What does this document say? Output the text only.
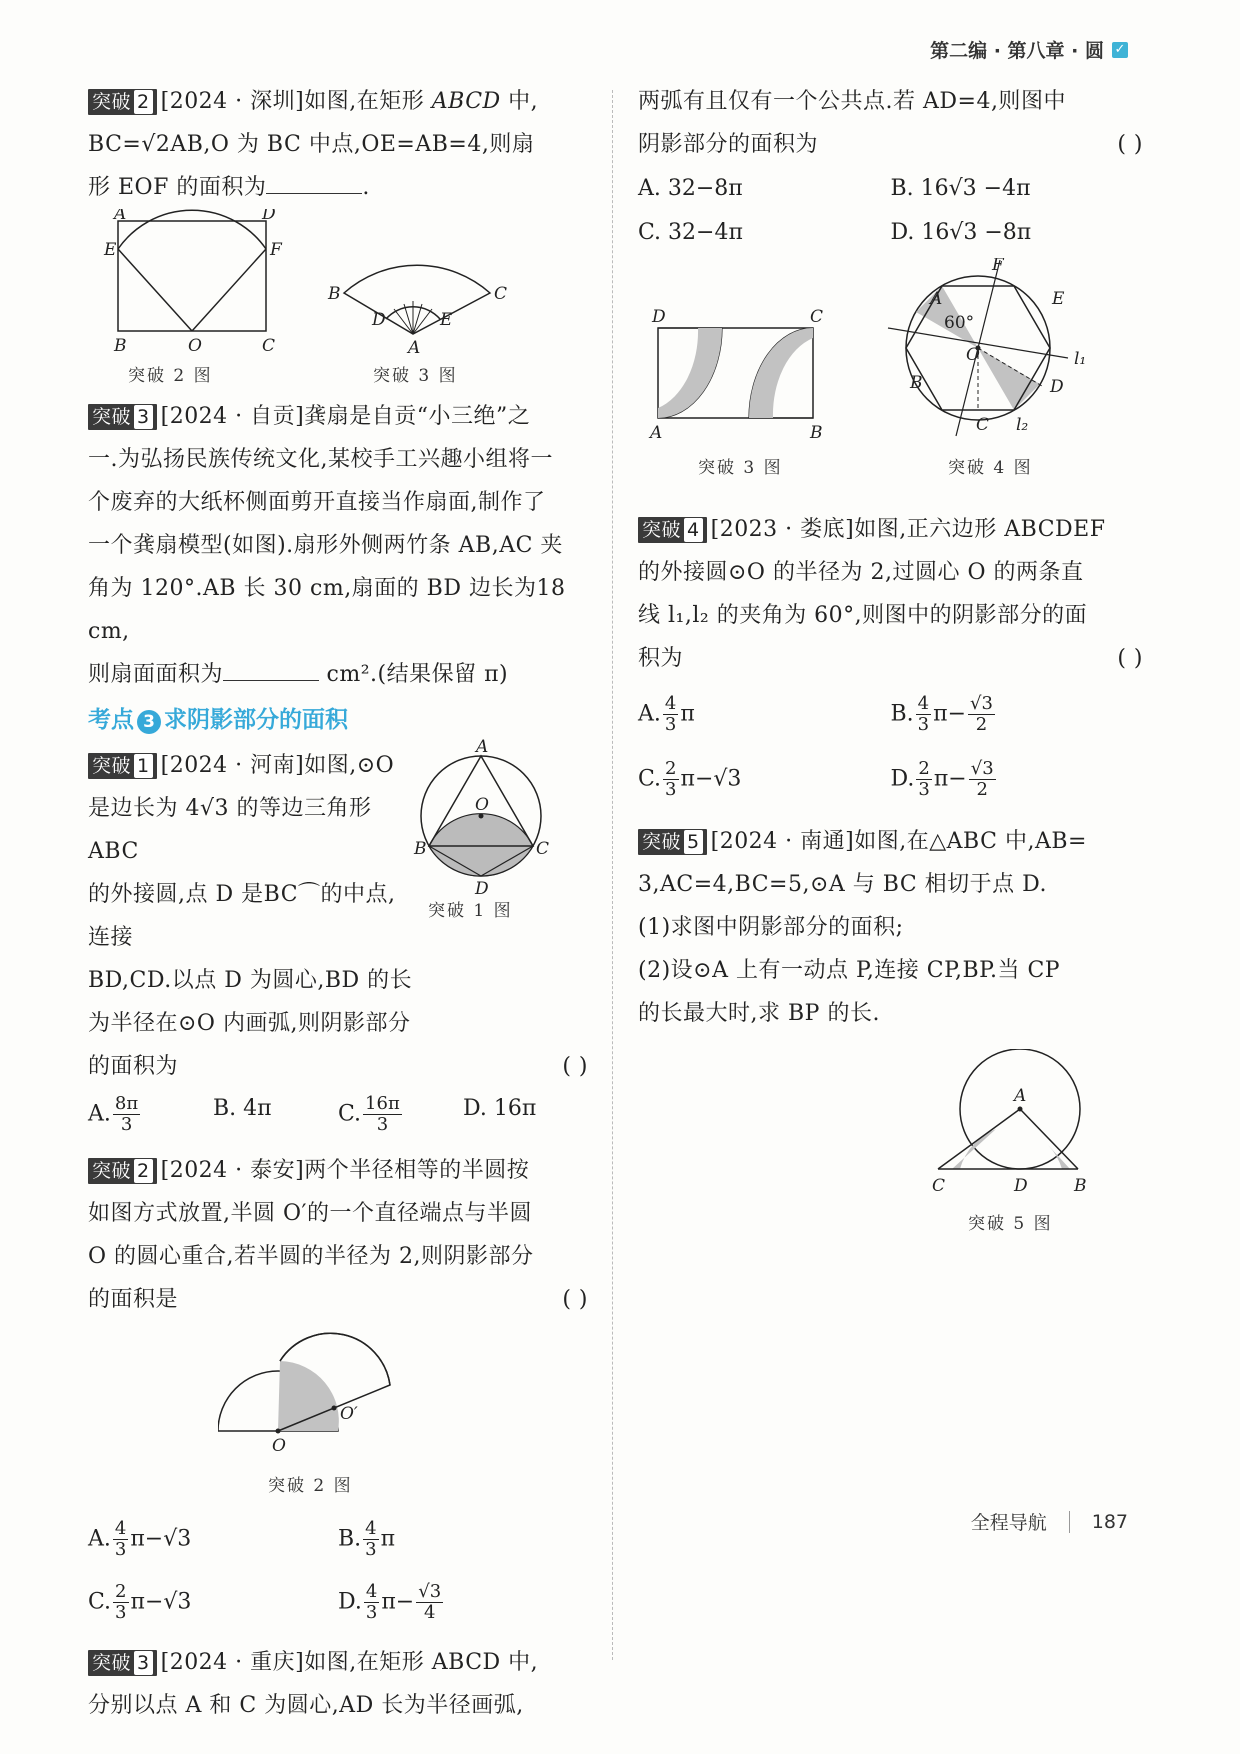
第二编 · 第八章 · 圆 ✓
突破 2 [2024 · 深圳]如图,在矩形 ABCD 中,
BC=√2AB,O 为 BC 中点,OE=AB=4,则扇
形 EOF 的面积为	.
A	D
E	F
B	O	C
B	C
D	E
A
突破 2 图	突破 3 图
突破 3 [2024 · 自贡]龚扇是自贡“小三绝”之
一.为弘扬民族传统文化,某校手工兴趣小组将一
个废弃的大纸杯侧面剪开直接当作扇面,制作了
一个龚扇模型(如图).扇形外侧两竹条 AB,AC 夹
角为 120°.AB 长 30 cm,扇面的 BD 边长为18 cm,
则扇面面积为	cm².(结果保留 π)
考点 3 求阴影部分的面积
突破 1 [2024 · 河南]如图,⊙O
是边长为 4√3 的等边三角形 ABC
的外接圆,点 D 是BC⌒的中点,连接
BD,CD.以点 D 为圆心,BD 的长
为半径在⊙O 内画弧,则阴影部分
的面积为	( )
A
O
B	C
D
突破 1 图
A. $\frac{8\pi}{3}$	B. 4π	C. $\frac{16\pi}{3}$	D. 16π
突破 2 [2024 · 泰安]两个半径相等的半圆按
如图方式放置,半圆 O′的一个直径端点与半圆
O 的圆心重合,若半圆的半径为 2,则阴影部分
的面积是	( )
O
O′
突破 2 图
A. $\frac{4}{3} \pi-√3$	B. $\frac{4}{3}$ π
C. $\frac{2}{3} \pi-√3$	D. $\frac{4}{3} \pi- \frac{√3}{4}$
突破 3 [2024 · 重庆]如图,在矩形 ABCD 中,
分别以点 A 和 C 为圆心,AD 长为半径画弧,
两弧有且仅有一个公共点.若 AD=4,则图中
阴影部分的面积为	( )
A. 32−8π	B. 16√3 −4π
C. 32−4π	D. 16√3 −8π
D	C
A	B
F
A	E
60°
O	l₁
B	D
C l₂
突破 3 图	突破 4 图
突破 4 [2023 · 娄底]如图,正六边形 ABCDEF
的外接圆⊙O 的半径为 2,过圆心 O 的两条直
线 l₁,l₂ 的夹角为 60°,则图中的阴影部分的面
积为	( )
A. $\frac{4}{3}$ π	B. $\frac{4}{3} \pi- \frac{√3}{2}$
C. $\frac{2}{3} \pi-√3$	D. $\frac{2}{3} \pi- \frac{√3}{2}$
突破 5 [2024 · 南通]如图,在△ABC 中,AB=
3,AC=4,BC=5,⊙A 与 BC 相切于点 D.
(1)求图中阴影部分的面积;
(2)设⊙A 上有一动点 P,连接 CP,BP.当 CP
的长最大时,求 BP 的长.
A
C	D	B
突破 5 图
全程导航 187
